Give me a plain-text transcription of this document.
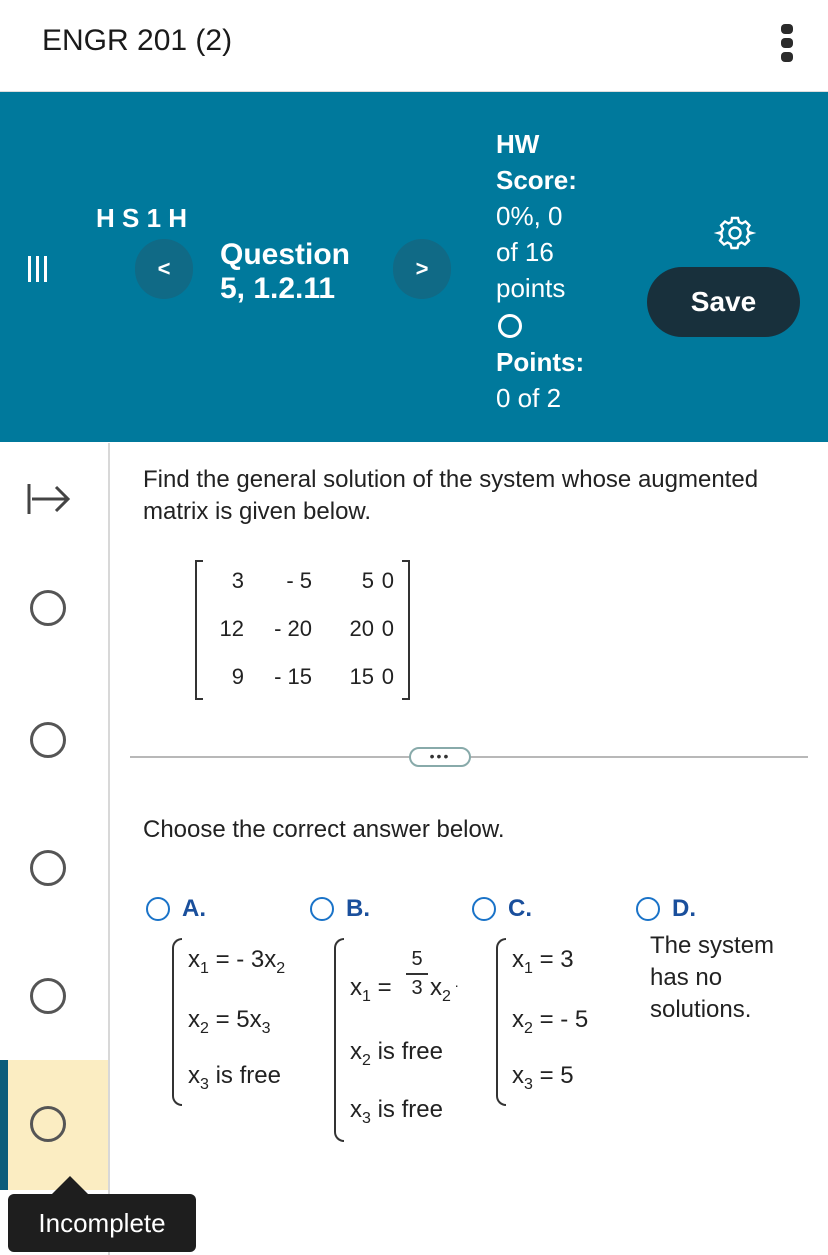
ENGR 201 (2)
H S 1 H
<	Question 5, 1.2.11
>
HW
Score:
0%, 0
of 16
points
Points:
0 of 2
Save
Incomplete
Find the general solution of the system whose augmented matrix is given below.
3 - 5 5 0
12 - 20 20 0
9 - 15 15 0
•••
Choose the correct answer below.
A.
$x_1$ = - $3x_2$
$x_2 = 5x_3$
$x_3$ is free
B.
$x_1$ =
5
3 $x_2$ .
$x_2$ is free
$x_3$ is free
C.
$x_1 = 3$
$x_2$ = - 5
$x_3 = 5$
D.
The system has no solutions.
